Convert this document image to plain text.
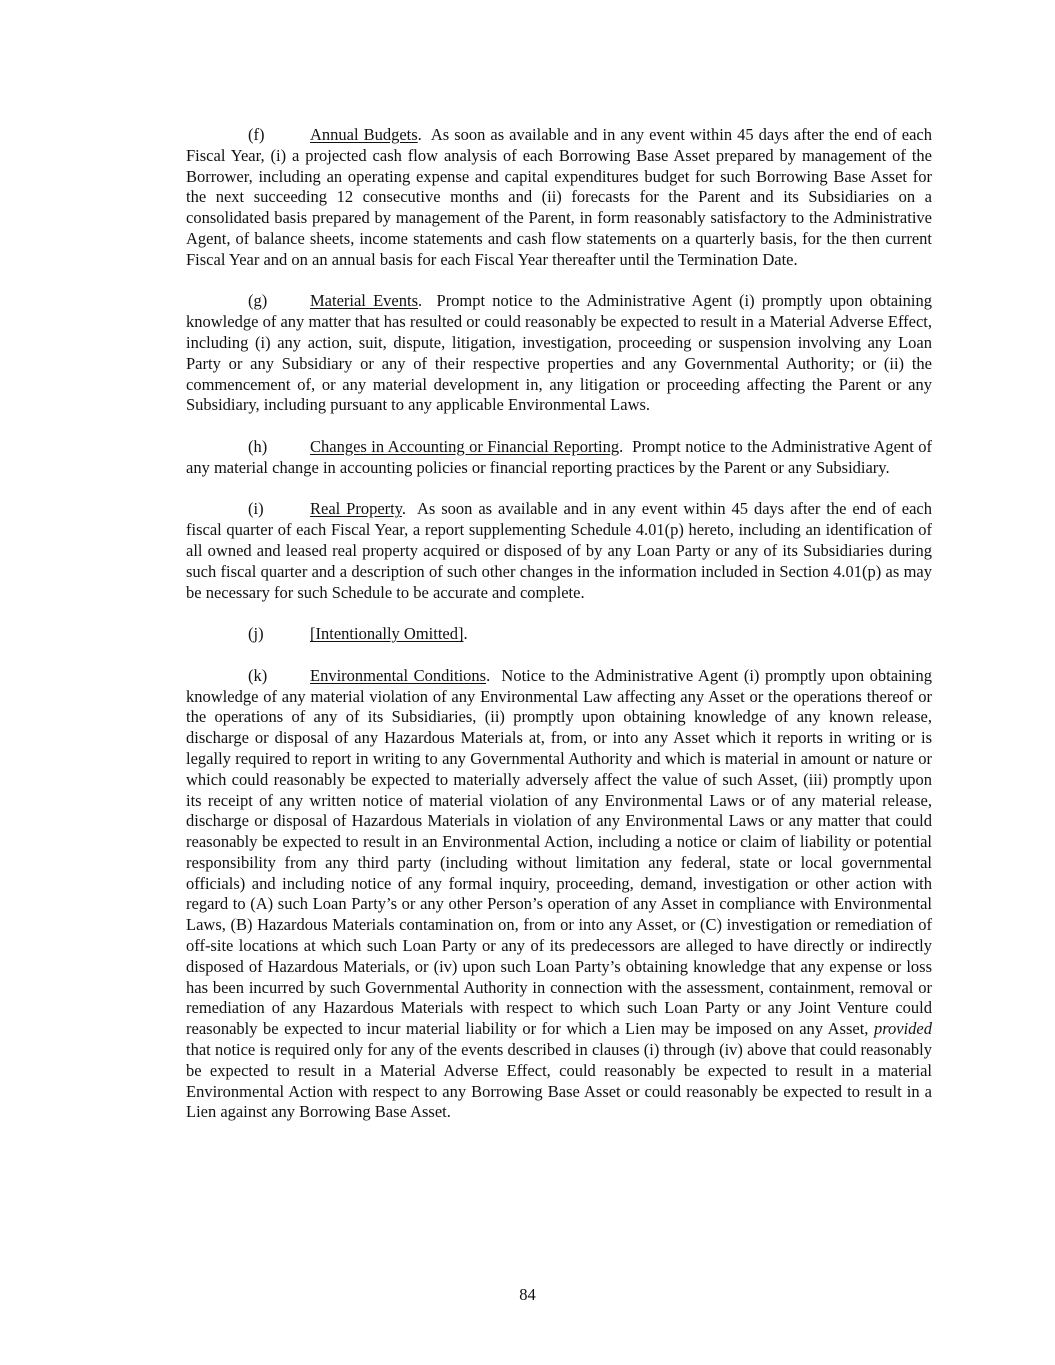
(f)	Annual Budgets.  As soon as available and in any event within 45 days after the end of each Fiscal Year, (i) a projected cash flow analysis of each Borrowing Base Asset prepared by management of the Borrower, including an operating expense and capital expenditures budget for such Borrowing Base Asset for the next succeeding 12 consecutive months and (ii) forecasts for the Parent and its Subsidiaries on a consolidated basis prepared by management of the Parent, in form reasonably satisfactory to the Administrative Agent, of balance sheets, income statements and cash flow statements on a quarterly basis, for the then current Fiscal Year and on an annual basis for each Fiscal Year thereafter until the Termination Date.

(g)	Material Events.  Prompt notice to the Administrative Agent (i) promptly upon obtaining knowledge of any matter that has resulted or could reasonably be expected to result in a Material Adverse Effect, including (i) any action, suit, dispute, litigation, investigation, proceeding or suspension involving any Loan Party or any Subsidiary or any of their respective properties and any Governmental Authority; or (ii) the commencement of, or any material development in, any litigation or proceeding affecting the Parent or any Subsidiary, including pursuant to any applicable Environmental Laws.

(h)	Changes in Accounting or Financial Reporting.  Prompt notice to the Administrative Agent of any material change in accounting policies or financial reporting practices by the Parent or any Subsidiary.

(i)	Real Property.  As soon as available and in any event within 45 days after the end of each fiscal quarter of each Fiscal Year, a report supplementing Schedule 4.01(p) hereto, including an identification of all owned and leased real property acquired or disposed of by any Loan Party or any of its Subsidiaries during such fiscal quarter and a description of such other changes in the information included in Section 4.01(p) as may be necessary for such Schedule to be accurate and complete.

(j)	[Intentionally Omitted].

(k)	Environmental Conditions.  Notice to the Administrative Agent (i) promptly upon obtaining knowledge of any material violation of any Environmental Law affecting any Asset or the operations thereof or the operations of any of its Subsidiaries, (ii) promptly upon obtaining knowledge of any known release, discharge or disposal of any Hazardous Materials at, from, or into any Asset which it reports in writing or is legally required to report in writing to any Governmental Authority and which is material in amount or nature or which could reasonably be expected to materially adversely affect the value of such Asset, (iii) promptly upon its receipt of any written notice of material violation of any Environmental Laws or of any material release, discharge or disposal of Hazardous Materials in violation of any Environmental Laws or any matter that could reasonably be expected to result in an Environmental Action, including a notice or claim of liability or potential responsibility from any third party (including without limitation any federal, state or local governmental officials) and including notice of any formal inquiry, proceeding, demand, investigation or other action with regard to (A) such Loan Party’s or any other Person’s operation of any Asset in compliance with Environmental Laws, (B) Hazardous Materials contamination on, from or into any Asset, or (C) investigation or remediation of off-site locations at which such Loan Party or any of its predecessors are alleged to have directly or indirectly disposed of Hazardous Materials, or (iv) upon such Loan Party’s obtaining knowledge that any expense or loss has been incurred by such Governmental Authority in connection with the assessment, containment, removal or remediation of any Hazardous Materials with respect to which such Loan Party or any Joint Venture could reasonably be expected to incur material liability or for which a Lien may be imposed on any Asset, provided that notice is required only for any of the events described in clauses (i) through (iv) above that could reasonably be expected to result in a Material Adverse Effect, could reasonably be expected to result in a material Environmental Action with respect to any Borrowing Base Asset or could reasonably be expected to result in a Lien against any Borrowing Base Asset.

84
